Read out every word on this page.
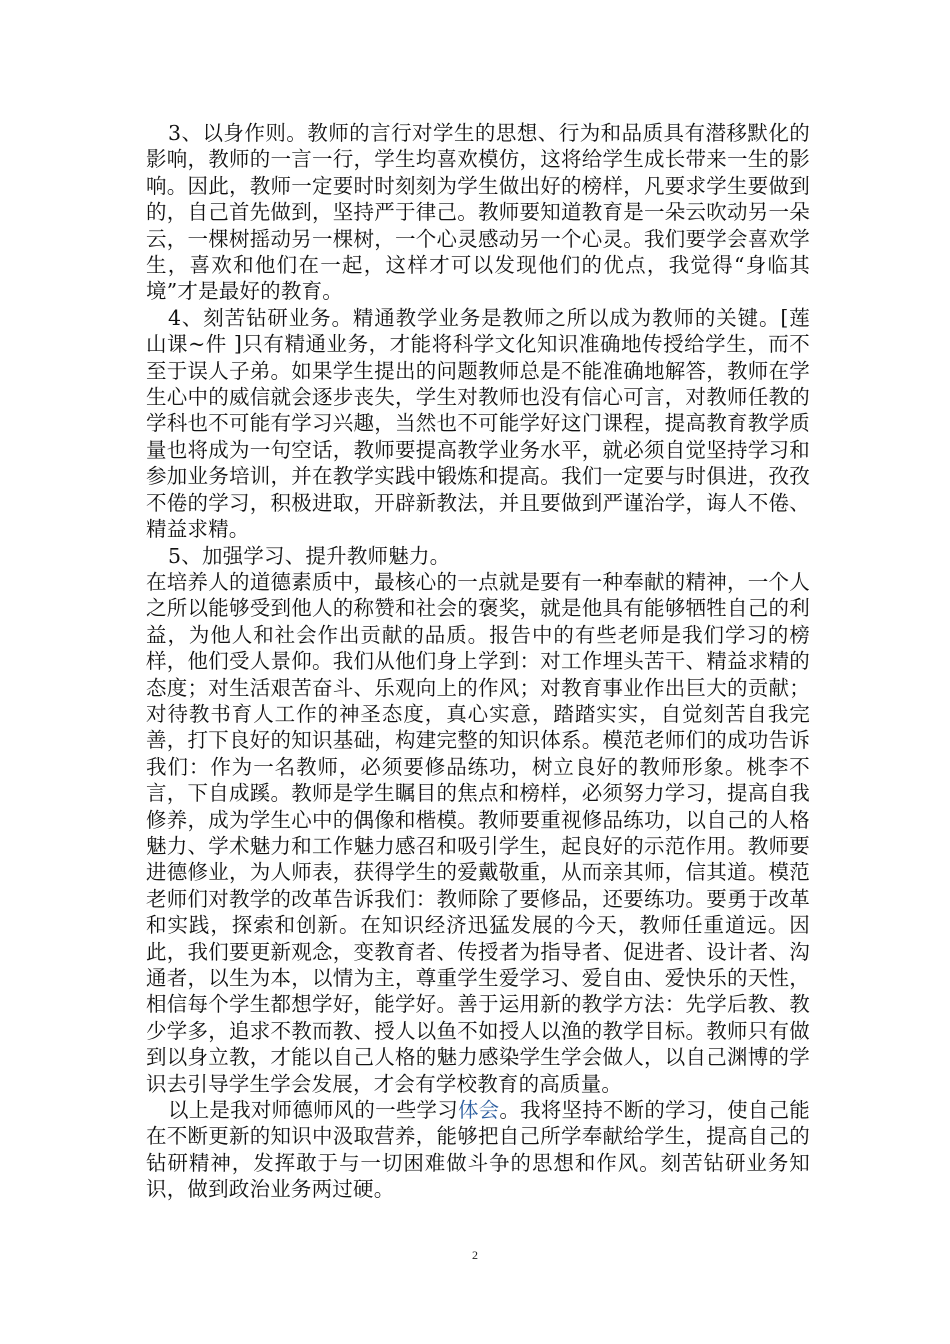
3、以身作则。教师的言行对学生的思想、行为和品质具有潜移默化的影响，教师的一言一行，学生均喜欢模仿，这将给学生成长带来一生的影响。因此，教师一定要时时刻刻为学生做出好的榜样，凡要求学生要做到的，自己首先做到，坚持严于律己。教师要知道教育是一朵云吹动另一朵云，一棵树摇动另一棵树，一个心灵感动另一个心灵。我们要学会喜欢学生，喜欢和他们在一起，这样才可以发现他们的优点，我觉得“身临其境”才是最好的教育。

4、刻苦钻研业务。精通教学业务是教师之所以成为教师的关键。[莲山课~件 ]只有精通业务，才能将科学文化知识准确地传授给学生，而不至于误人子弟。如果学生提出的问题教师总是不能准确地解答，教师在学生心中的威信就会逐步丧失，学生对教师也没有信心可言，对教师任教的学科也不可能有学习兴趣，当然也不可能学好这门课程，提高教育教学质量也将成为一句空话，教师要提高教学业务水平，就必须自觉坚持学习和参加业务培训，并在教学实践中锻炼和提高。我们一定要与时俱进，孜孜不倦的学习，积极进取，开辟新教法，并且要做到严谨治学，诲人不倦、精益求精。

5、加强学习、提升教师魅力。

在培养人的道德素质中，最核心的一点就是要有一种奉献的精神，一个人之所以能够受到他人的称赞和社会的褒奖，就是他具有能够牺牲自己的利益，为他人和社会作出贡献的品质。报告中的有些老师是我们学习的榜样，他们受人景仰。我们从他们身上学到：对工作埋头苦干、精益求精的态度；对生活艰苦奋斗、乐观向上的作风；对教育事业作出巨大的贡献；对待教书育人工作的神圣态度，真心实意，踏踏实实，自觉刻苦自我完善，打下良好的知识基础，构建完整的知识体系。模范老师们的成功告诉我们：作为一名教师，必须要修品练功，树立良好的教师形象。桃李不言，下自成蹊。教师是学生瞩目的焦点和榜样，必须努力学习，提高自我修养，成为学生心中的偶像和楷模。教师要重视修品练功，以自己的人格魅力、学术魅力和工作魅力感召和吸引学生，起良好的示范作用。教师要进德修业，为人师表，获得学生的爱戴敬重，从而亲其师，信其道。模范老师们对教学的改革告诉我们：教师除了要修品，还要练功。要勇于改革和实践，探索和创新。在知识经济迅猛发展的今天，教师任重道远。因此，我们要更新观念，变教育者、传授者为指导者、促进者、设计者、沟通者，以生为本，以情为主，尊重学生爱学习、爱自由、爱快乐的天性，相信每个学生都想学好，能学好。善于运用新的教学方法：先学后教、教少学多，追求不教而教、授人以鱼不如授人以渔的教学目标。教师只有做到以身立教，才能以自己人格的魅力感染学生学会做人，以自己渊博的学识去引导学生学会发展，才会有学校教育的高质量。

以上是我对师德师风的一些学习体会。我将坚持不断的学习，使自己能在不断更新的知识中汲取营养，能够把自己所学奉献给学生，提高自己的钻研精神，发挥敢于与一切困难做斗争的思想和作风。刻苦钻研业务知识，做到政治业务两过硬。

2
